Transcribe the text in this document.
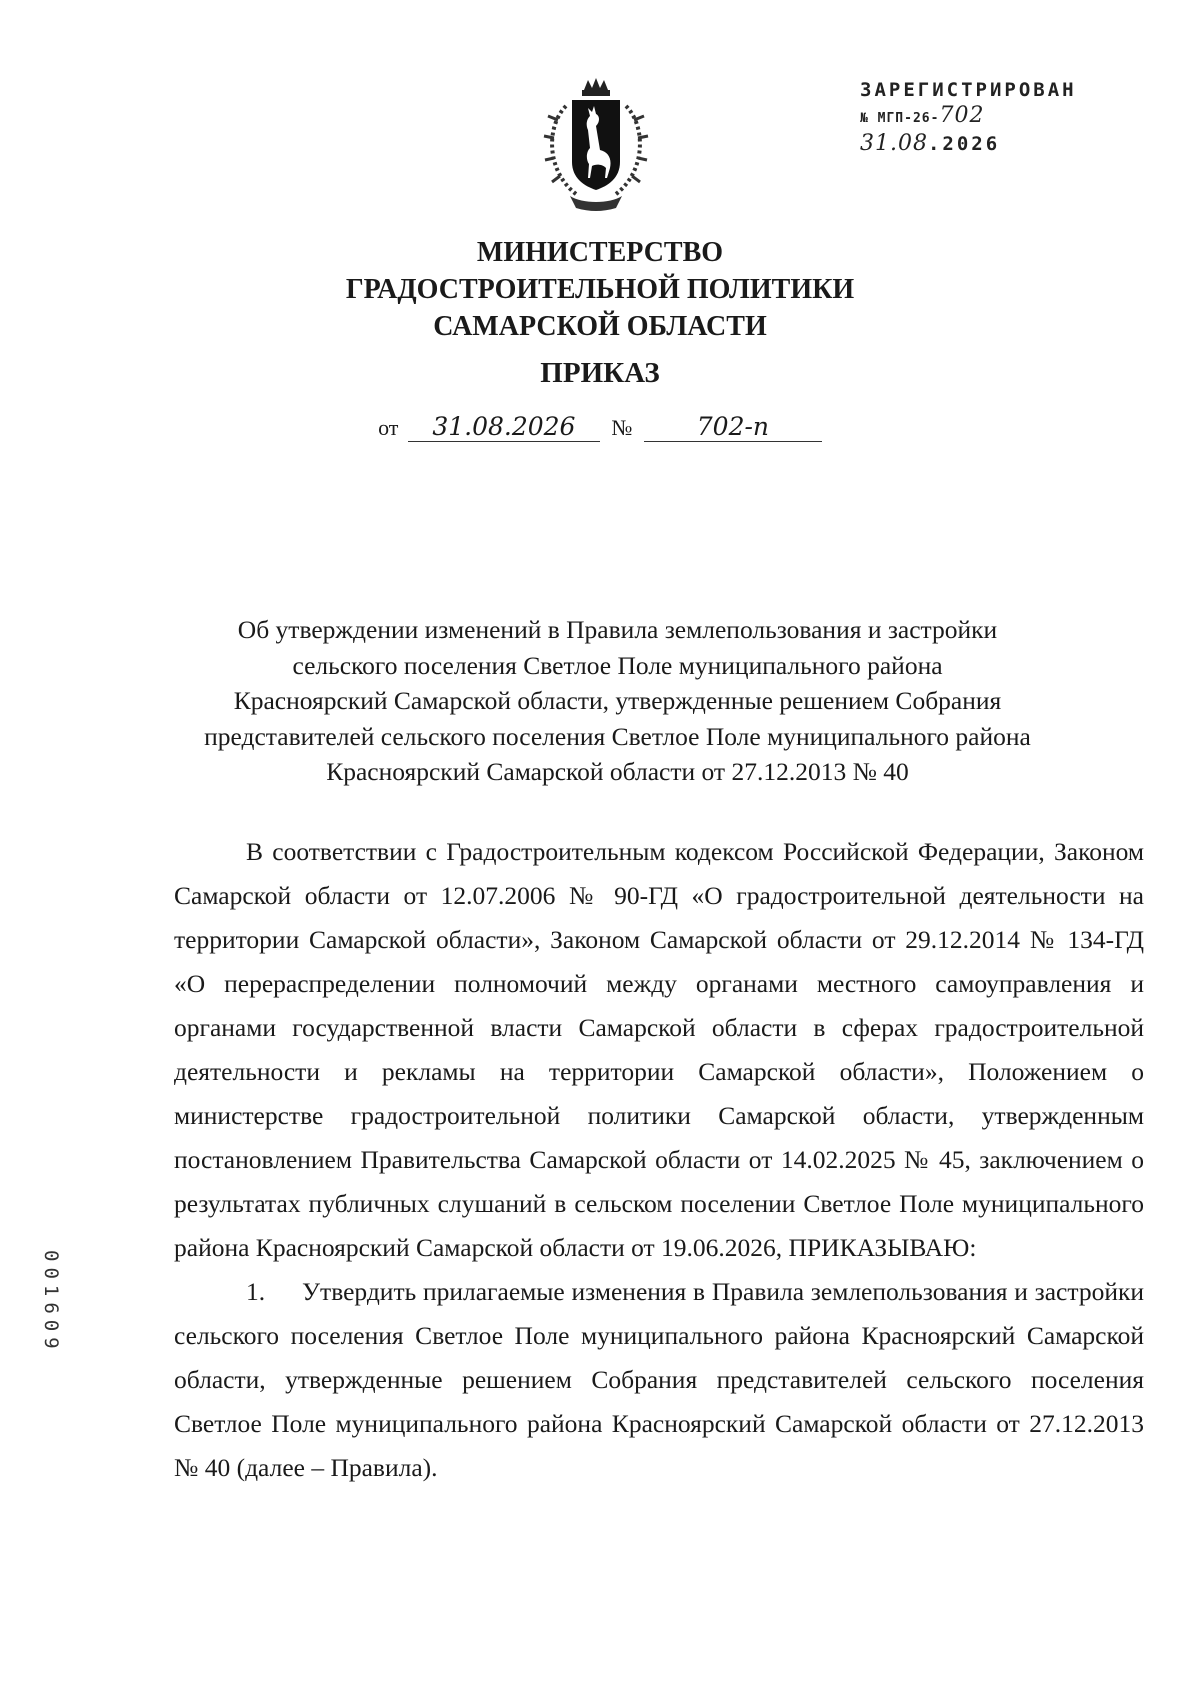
ЗАРЕГИСТРИРОВАН
№ МГП-26-702
31.08.2026
МИНИСТЕРСТВО
ГРАДОСТРОИТЕЛЬНОЙ ПОЛИТИКИ
САМАРСКОЙ ОБЛАСТИ
ПРИКАЗ
от 31.08.2026 №	702-п
Об утверждении изменений в Правила землепользования и застройки
сельского поселения Светлое Поле муниципального района
Красноярский Самарской области, утвержденные решением Собрания
представителей сельского поселения Светлое Поле муниципального района
Красноярский Самарской области от 27.12.2013 № 40

В соответствии с Градостроительным кодексом Российской Федерации, Законом Самарской области от 12.07.2006 № 90-ГД «О градостроительной деятельности на территории Самарской области», Законом Самарской области от 29.12.2014 № 134-ГД «О перераспределении полномочий между органами местного самоуправления и органами государственной власти Самарской области в сферах градостроительной деятельности и рекламы на территории Самарской области», Положением о министерстве градостроительной политики Самарской области, утвержденным постановлением Правительства Самарской области от 14.02.2025 № 45, заключением о результатах публичных слушаний в сельском поселении Светлое Поле муниципального района Красноярский Самарской области от 19.06.2026, ПРИКАЗЫВАЮ:

1. Утвердить прилагаемые изменения в Правила землепользования и застройки сельского поселения Светлое Поле муниципального района Красноярский Самарской области, утвержденные решением Собрания представителей сельского поселения Светлое Поле муниципального района Красноярский Самарской области от 27.12.2013 № 40 (далее – Правила).

001609
